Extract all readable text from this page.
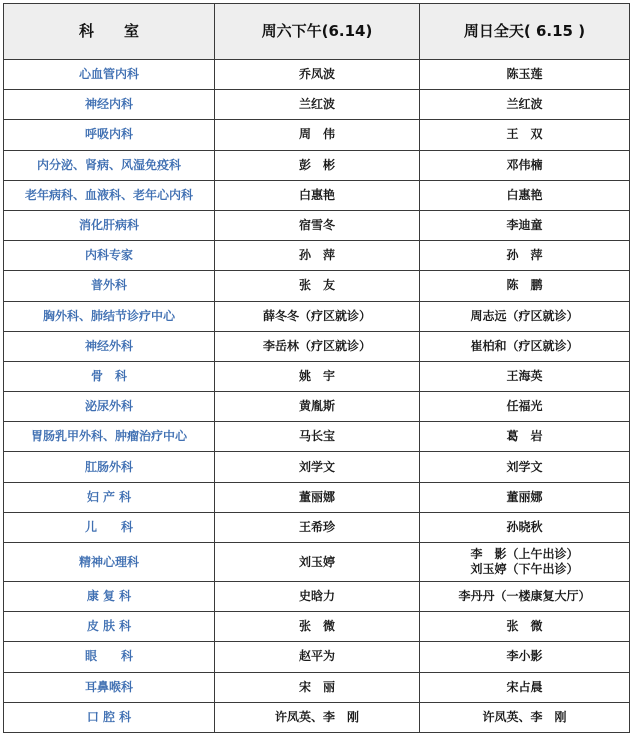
科　　室	周六下午(6.14)	周日全天( 6.15 )
心血管内科	乔凤波	陈玉莲
神经内科	兰红波	兰红波
呼吸内科	周　伟	王　双
内分泌、肾病、风湿免疫科	彭　彬	邓伟楠
老年病科、血液科、老年心内科	白惠艳	白惠艳
消化肝病科	宿雪冬	李迪童
内科专家	孙　萍	孙　萍
普外科	张　友	陈　鹏
胸外科、肺结节诊疗中心	薛冬冬（疗区就诊）	周志远（疗区就诊）
神经外科	李岳林（疗区就诊）	崔柏和（疗区就诊）
骨　科	姚　宇	王海英
泌尿外科	黄胤斯	任福光
胃肠乳甲外科、肿瘤治疗中心	马长宝	葛　岩
肛肠外科	刘学文	刘学文
妇 产 科	董丽娜	董丽娜
儿　　科	王希珍	孙晓秋
精神心理科	刘玉婷	李　影（上午出诊）
刘玉婷（下午出诊）

康 复 科	史晗力	李丹丹（一楼康复大厅）
皮 肤 科	张　微	张　微
眼　　科	赵平为	李小影
耳鼻喉科	宋　丽	宋占晨
口 腔 科	许凤英、李　刚	许凤英、李　刚
